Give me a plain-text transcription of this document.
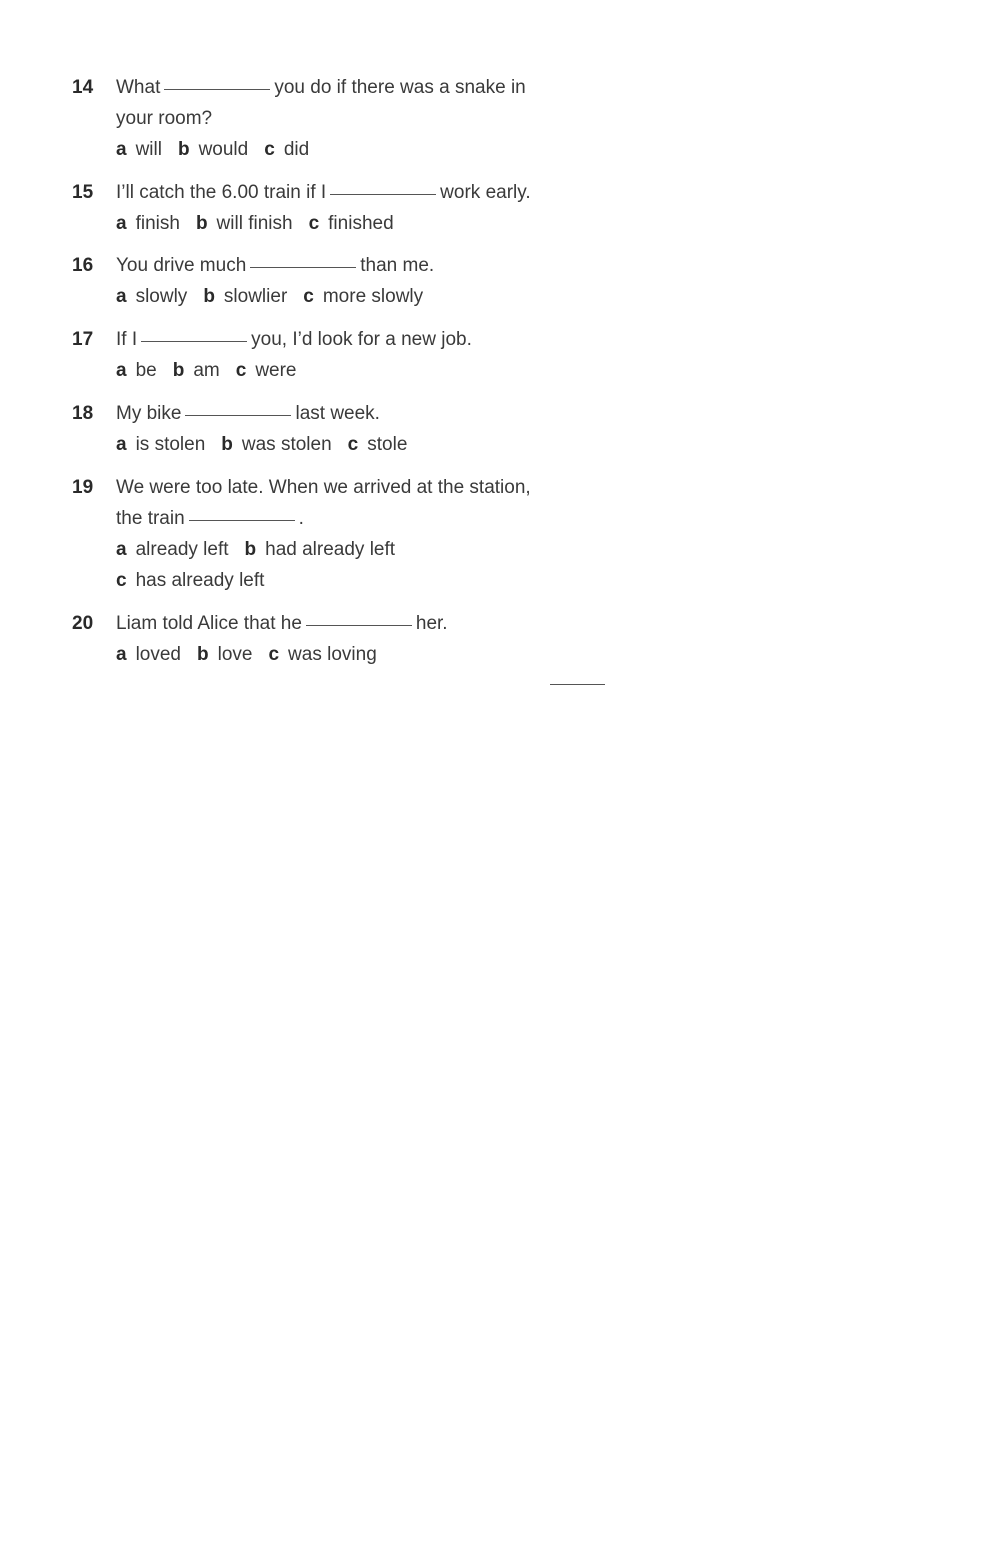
14 What	you do if there was a snake in
your room?
a will b would c did
15 I’ll catch the 6.00 train if I	work early.
a finish b will finish c finished
16 You drive much	than me.
a slowly b slowlier c more slowly
17 If I	you, I’d look for a new job.
a be b am c were
18 My bike	last week.
a is stolen b was stolen c stole
19 We were too late. When we arrived at the station,
the train	.
a already left b had already left
c has already left
20 Liam told Alice that he	her.
a loved b love c was loving
